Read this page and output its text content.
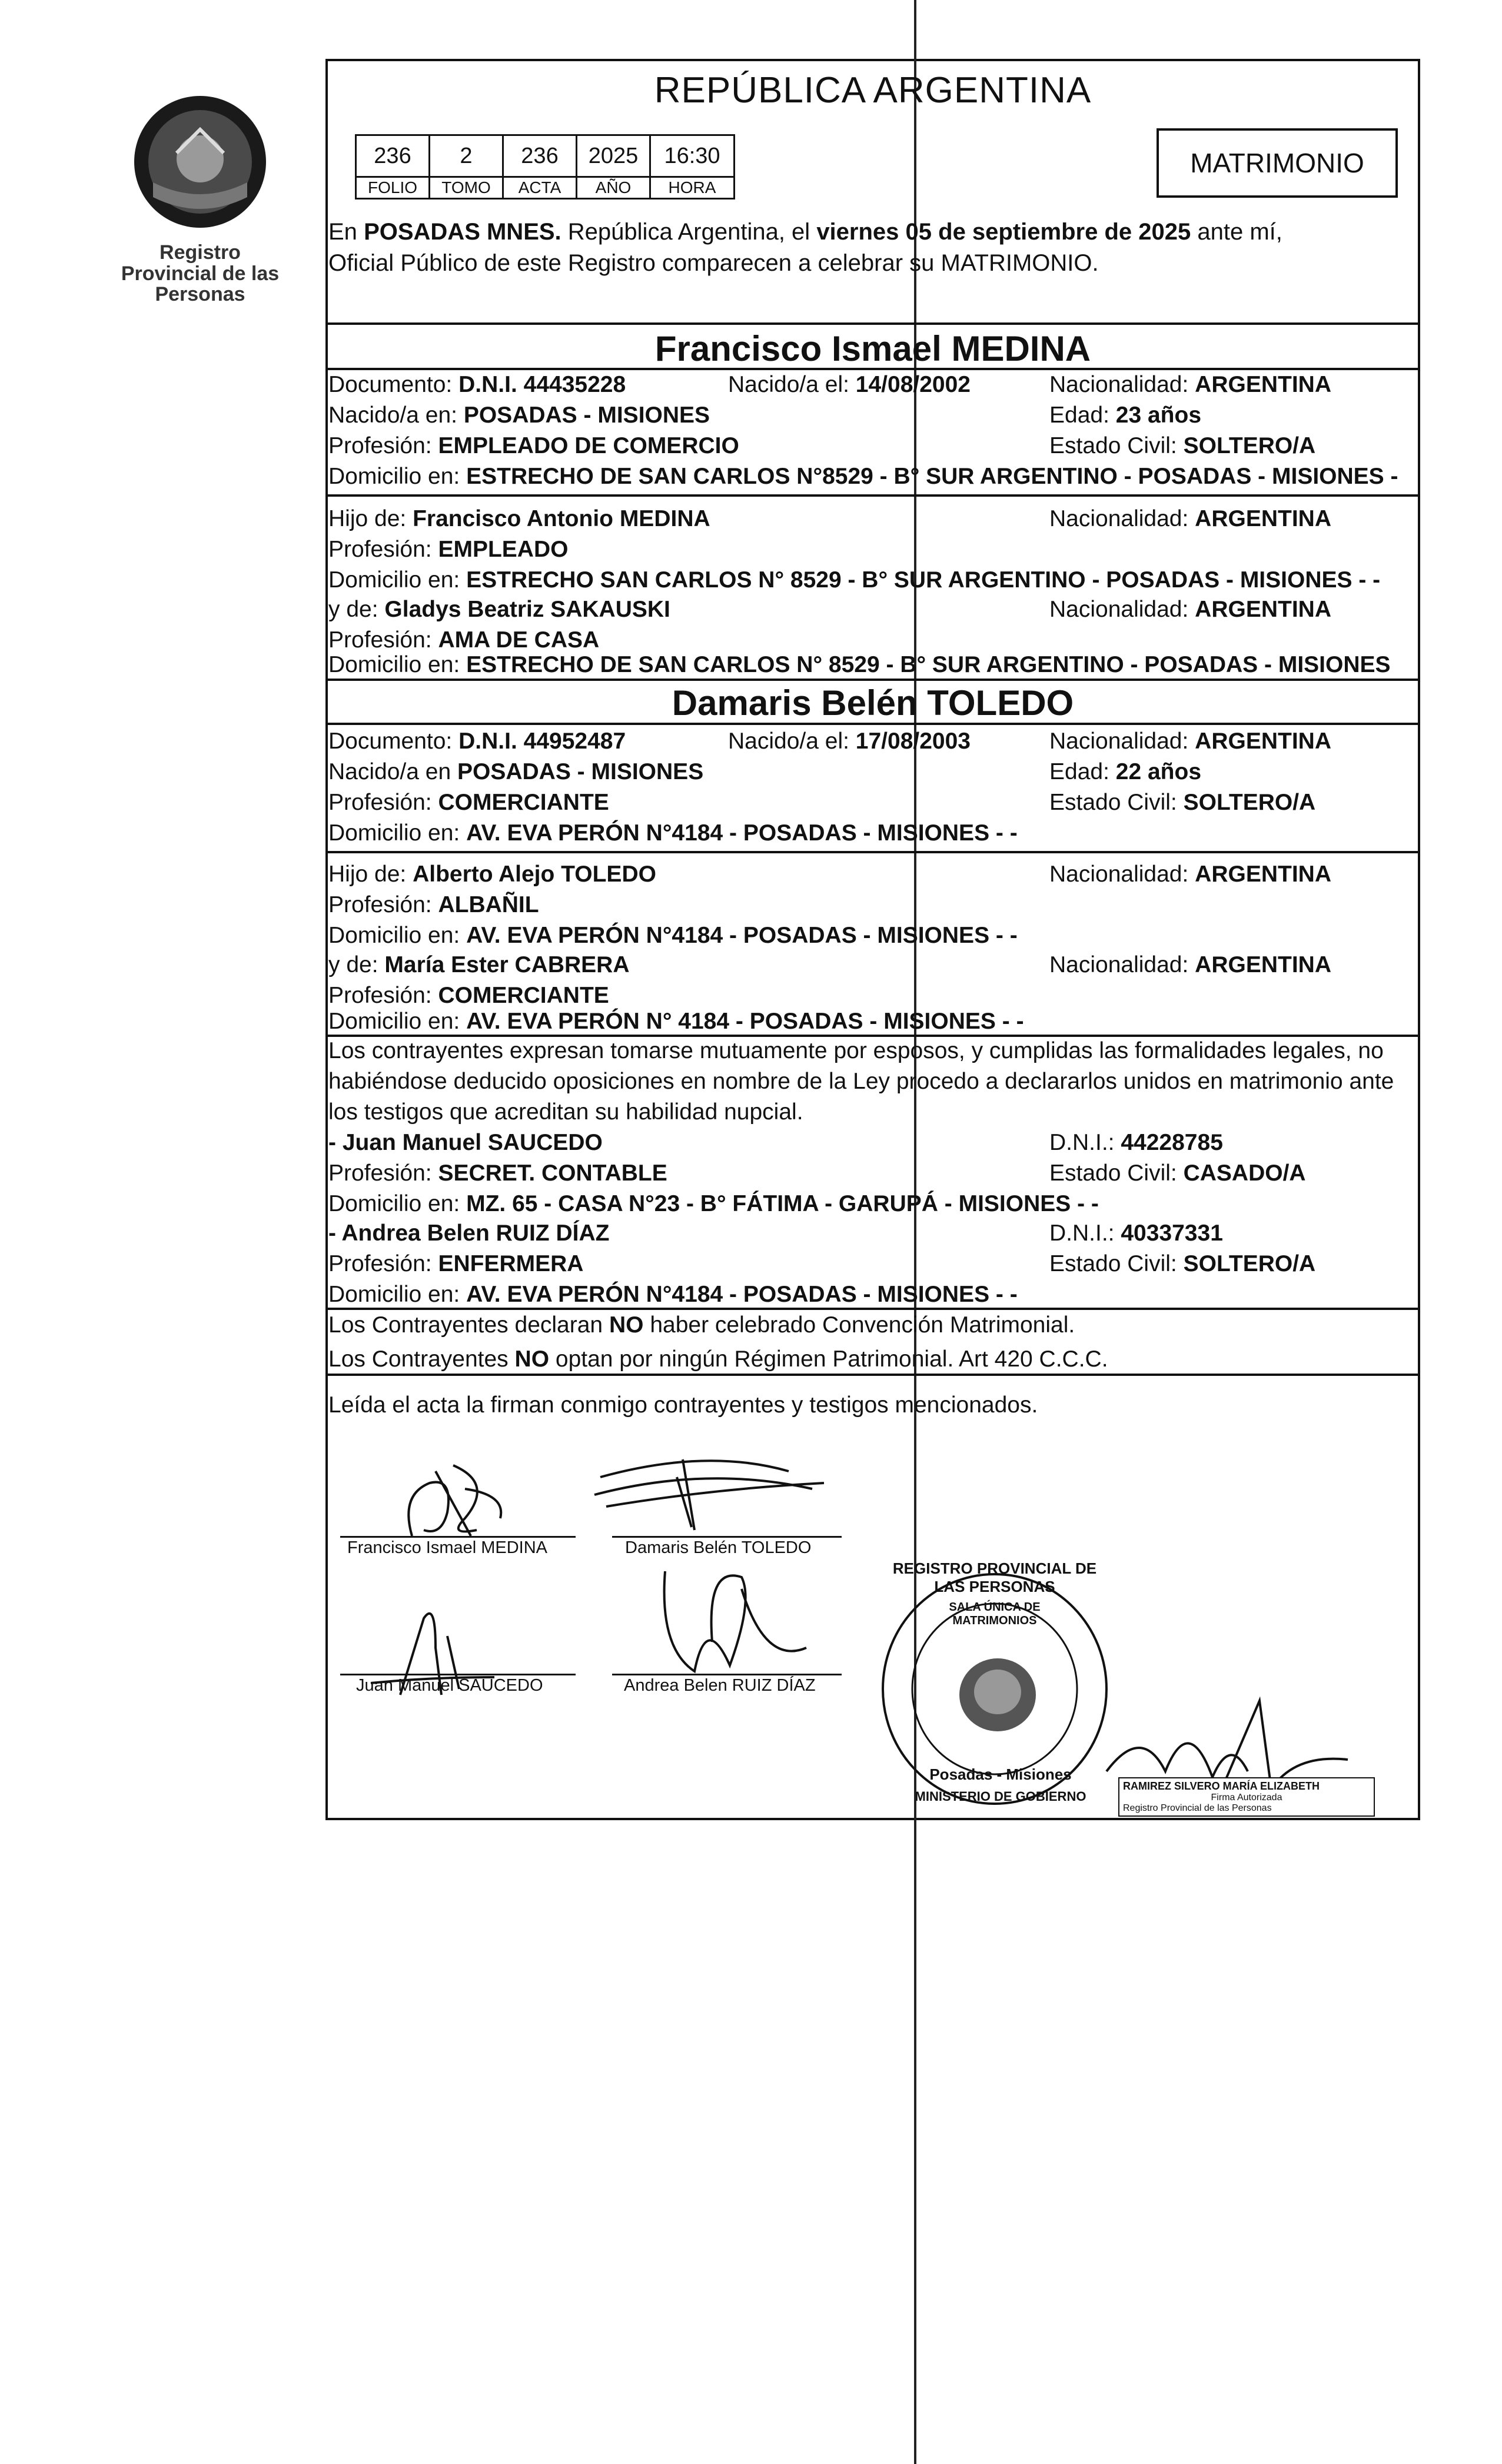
Registro Provincial de las Personas
REPÚBLICA ARGENTINA
236	2	236	2025	16:30
FOLIO	TOMO	ACTA	AÑO	HORA
MATRIMONIO
En POSADAS MNES. República Argentina, el viernes 05 de septiembre de 2025 ante mí,
Oficial Público de este Registro comparecen a celebrar su MATRIMONIO.
Francisco Ismael MEDINA
Documento: D.N.I. 44435228	Nacido/a el: 14/08/2002	Nacionalidad: ARGENTINA
Nacido/a en: POSADAS - MISIONES	Edad: 23 años
Profesión: EMPLEADO DE COMERCIO	Estado Civil: SOLTERO/A
Domicilio en: ESTRECHO DE SAN CARLOS N°8529 - B° SUR ARGENTINO - POSADAS - MISIONES -
Hijo de: Francisco Antonio MEDINA	Nacionalidad: ARGENTINA
Profesión: EMPLEADO
Domicilio en: ESTRECHO SAN CARLOS N° 8529 - B° SUR ARGENTINO - POSADAS - MISIONES - -
y de: Gladys Beatriz SAKAUSKI	Nacionalidad: ARGENTINA
Profesión: AMA DE CASA
Domicilio en: ESTRECHO DE SAN CARLOS N° 8529 - B° SUR ARGENTINO - POSADAS - MISIONES
Damaris Belén TOLEDO
Documento: D.N.I. 44952487	Nacido/a el: 17/08/2003	Nacionalidad: ARGENTINA
Nacido/a en POSADAS - MISIONES	Edad: 22 años
Profesión: COMERCIANTE	Estado Civil: SOLTERO/A
Domicilio en: AV. EVA PERÓN N°4184 - POSADAS - MISIONES - -
Hijo de: Alberto Alejo TOLEDO	Nacionalidad: ARGENTINA
Profesión: ALBAÑIL
Domicilio en: AV. EVA PERÓN N°4184 - POSADAS - MISIONES - -
y de: María Ester CABRERA	Nacionalidad: ARGENTINA
Profesión: COMERCIANTE
Domicilio en: AV. EVA PERÓN N° 4184 - POSADAS - MISIONES - -
Los contrayentes expresan tomarse mutuamente por esposos, y cumplidas las formalidades legales, no
habiéndose deducido oposiciones en nombre de la Ley procedo a declararlos unidos en matrimonio ante
los testigos que acreditan su habilidad nupcial.
- Juan Manuel SAUCEDO	D.N.I.: 44228785
Profesión: SECRET. CONTABLE	Estado Civil: CASADO/A
Domicilio en: MZ. 65 - CASA N°23 - B° FÁTIMA - GARUPÁ - MISIONES - -
- Andrea Belen RUIZ DÍAZ	D.N.I.: 40337331
Profesión: ENFERMERA	Estado Civil: SOLTERO/A
Domicilio en: AV. EVA PERÓN N°4184 - POSADAS - MISIONES - -
Los Contrayentes declaran NO haber celebrado Convención Matrimonial.
Los Contrayentes NO optan por ningún Régimen Patrimonial. Art 420 C.C.C.
Leída el acta la firman conmigo contrayentes y testigos mencionados.
Francisco Ismael MEDINA	Damaris Belén TOLEDO
Juan Manuel SAUCEDO	Andrea Belen RUIZ DÍAZ
REGISTRO PROVINCIAL DE LAS PERSONAS
SALA ÚNICA DE MATRIMONIOS
Posadas - Misiones
MINISTERIO DE GOBIERNO
RAMIREZ SILVERO MARÍA ELIZABETH
Firma Autorizada
Registro Provincial de las Personas
